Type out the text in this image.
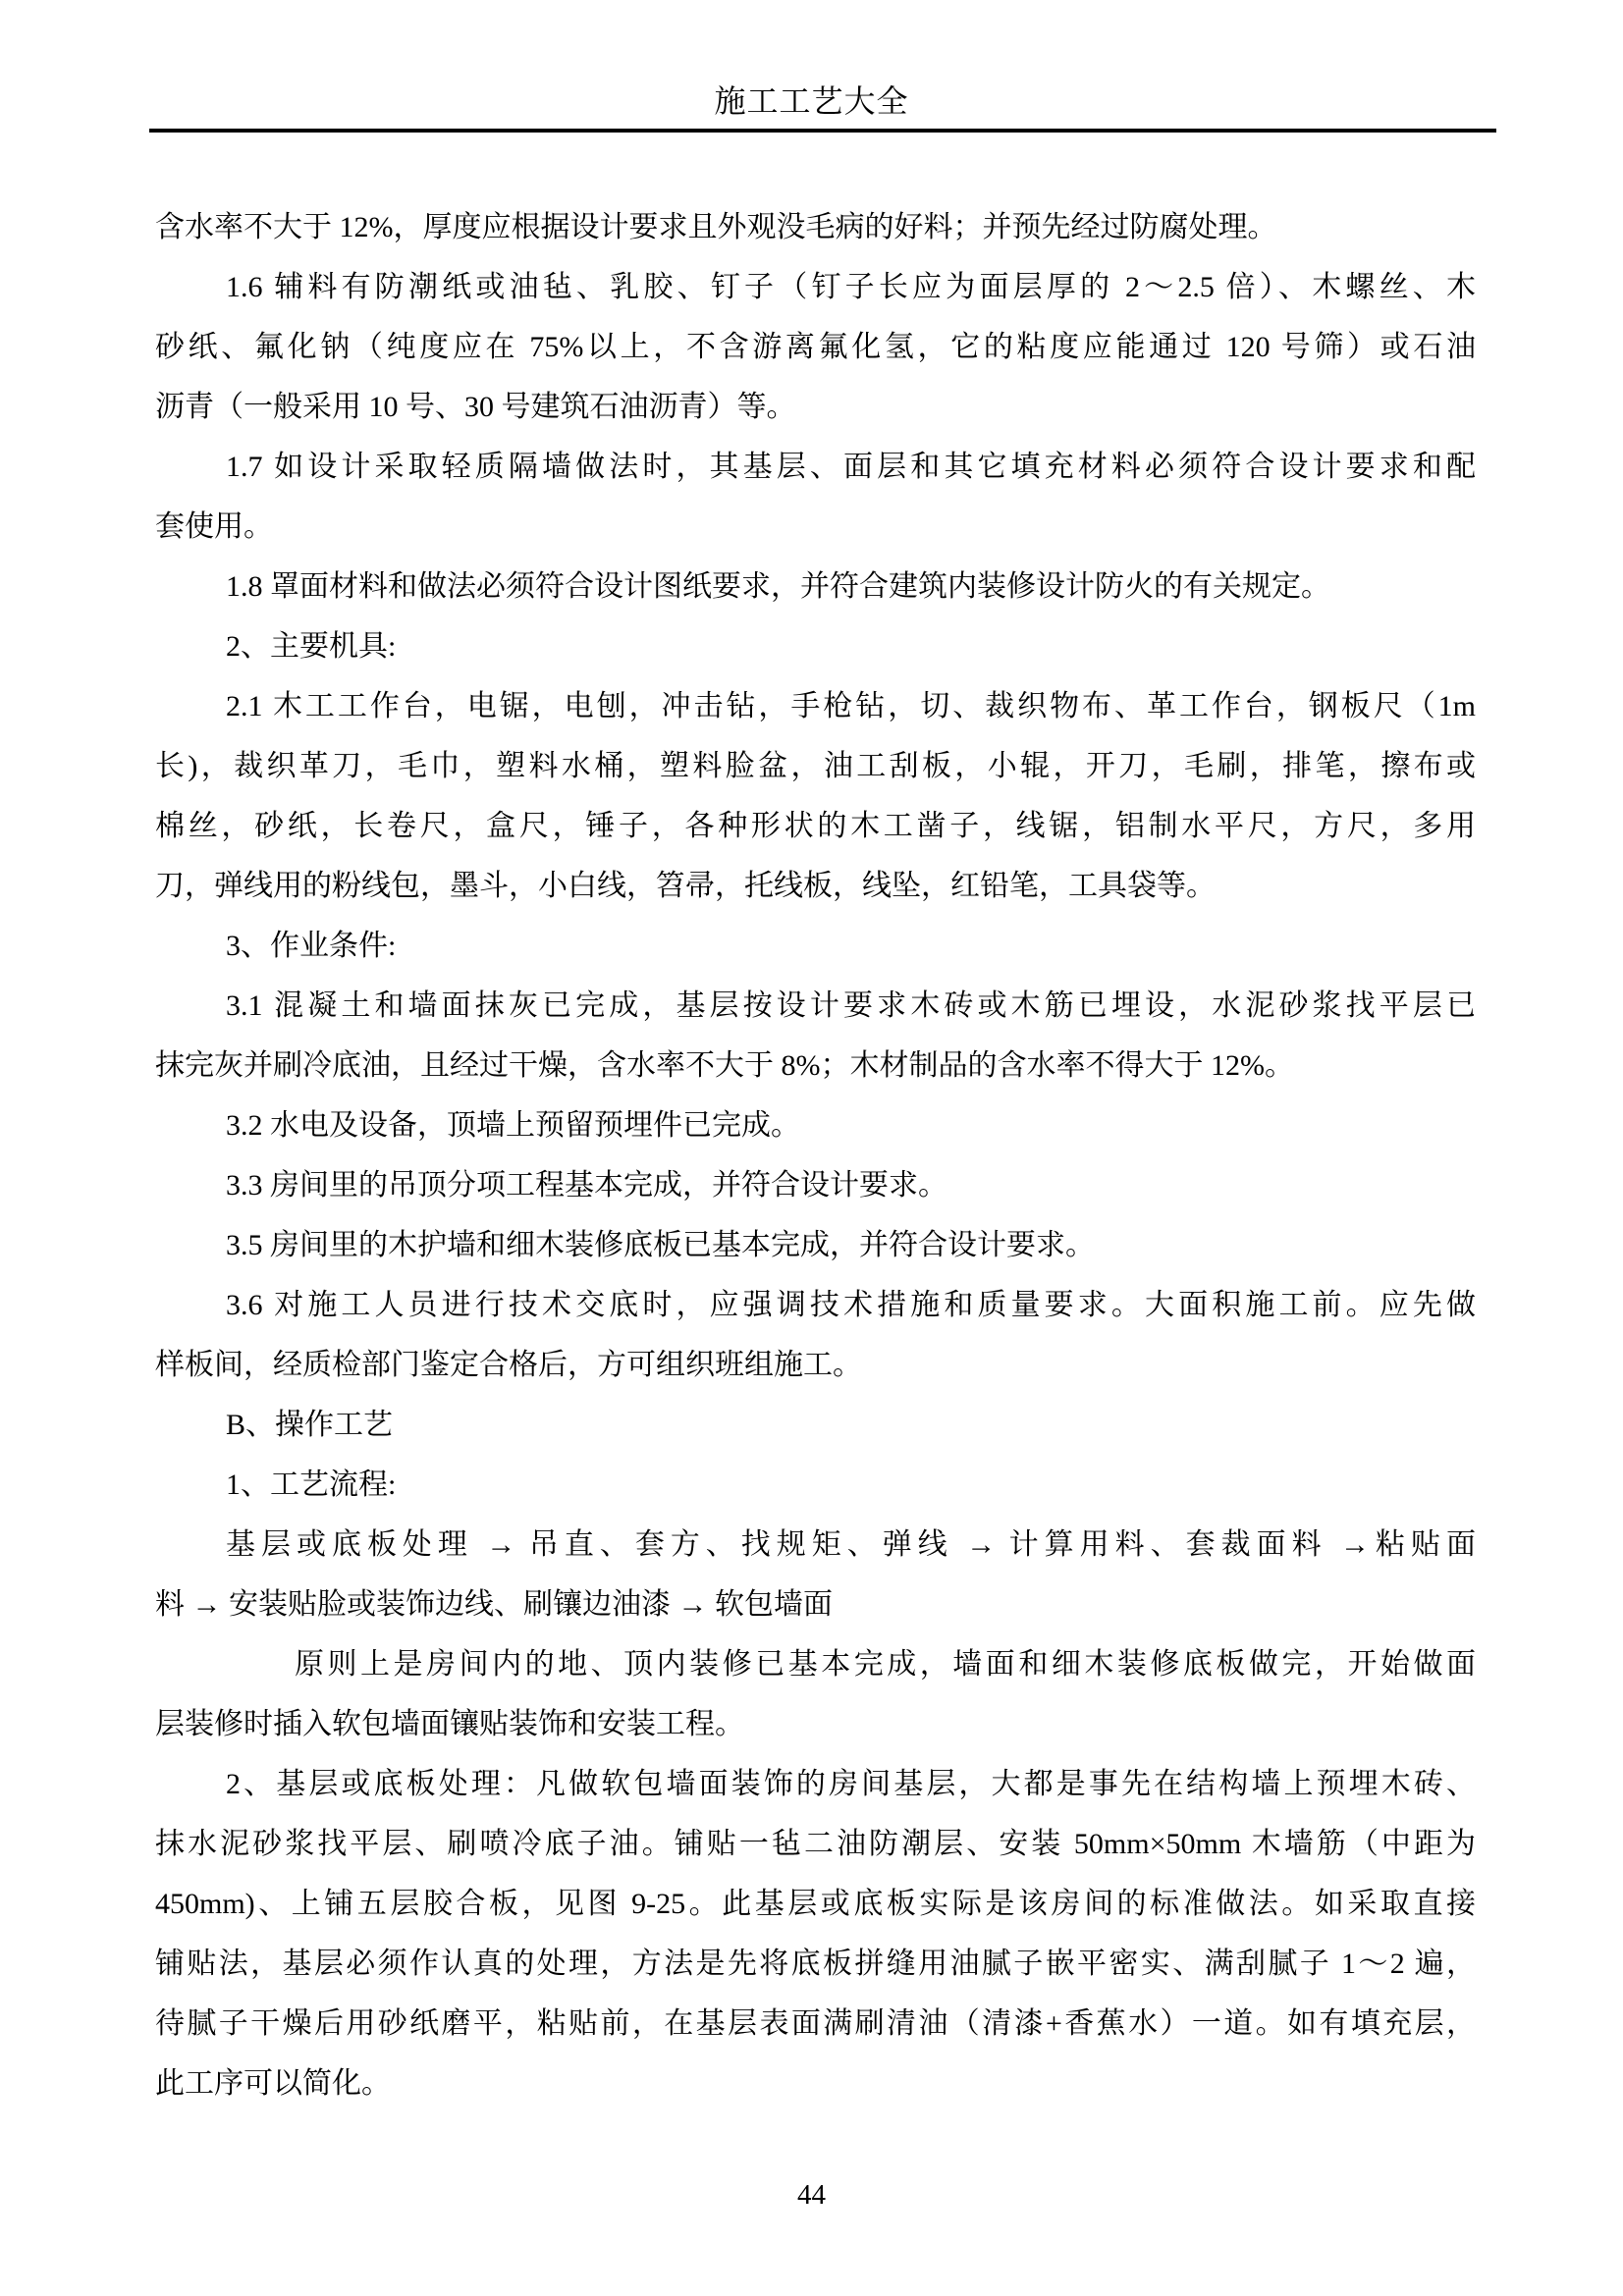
施工工艺大全
含水率不大于 12%，厚度应根据设计要求且外观没毛病的好料；并预先经过防腐处理。
1.6 辅料有防潮纸或油毡、乳胶、钉子（钉子长应为面层厚的 2～2.5 倍）、木螺丝、木
砂纸、氟化钠（纯度应在 75%以上，不含游离氟化氢，它的粘度应能通过 120 号筛）或石油
沥青（一般采用 10 号、30 号建筑石油沥青）等。
1.7 如设计采取轻质隔墙做法时，其基层、面层和其它填充材料必须符合设计要求和配
套使用。
1.8 罩面材料和做法必须符合设计图纸要求，并符合建筑内装修设计防火的有关规定。
2、主要机具:
2.1 木工工作台，电锯，电刨，冲击钻，手枪钻，切、裁织物布、革工作台，钢板尺（1m
长)，裁织革刀，毛巾，塑料水桶，塑料脸盆，油工刮板，小辊，开刀，毛刷，排笔，擦布或
棉丝，砂纸，长卷尺，盒尺，锤子，各种形状的木工凿子，线锯，铝制水平尺，方尺，多用
刀，弹线用的粉线包，墨斗，小白线，笤帚，托线板，线坠，红铅笔，工具袋等。
3、作业条件:
3.1 混凝土和墙面抹灰已完成，基层按设计要求木砖或木筋已埋设，水泥砂浆找平层已
抹完灰并刷冷底油，且经过干燥，含水率不大于 8%；木材制品的含水率不得大于 12%。
3.2 水电及设备，顶墙上预留预埋件已完成。
3.3 房间里的吊顶分项工程基本完成，并符合设计要求。
3.5 房间里的木护墙和细木装修底板已基本完成，并符合设计要求。
3.6 对施工人员进行技术交底时，应强调技术措施和质量要求。大面积施工前。应先做
样板间，经质检部门鉴定合格后，方可组织班组施工。
B、操作工艺
1、工艺流程:
基层或底板处理 → 吊直、套方、找规矩、弹线 → 计算用料、套裁面料 →粘贴面
料 → 安装贴脸或装饰边线、刷镶边油漆 → 软包墙面
原则上是房间内的地、顶内装修已基本完成，墙面和细木装修底板做完，开始做面
层装修时插入软包墙面镶贴装饰和安装工程。
2、基层或底板处理：凡做软包墙面装饰的房间基层，大都是事先在结构墙上预埋木砖、
抹水泥砂浆找平层、刷喷冷底子油。铺贴一毡二油防潮层、安装 50mm×50mm 木墙筋（中距为
450mm)、上铺五层胶合板，见图 9-25。此基层或底板实际是该房间的标准做法。如采取直接
铺贴法，基层必须作认真的处理，方法是先将底板拼缝用油腻子嵌平密实、满刮腻子 1～2 遍，
待腻子干燥后用砂纸磨平，粘贴前，在基层表面满刷清油（清漆+香蕉水）一道。如有填充层，
此工序可以简化。
44
